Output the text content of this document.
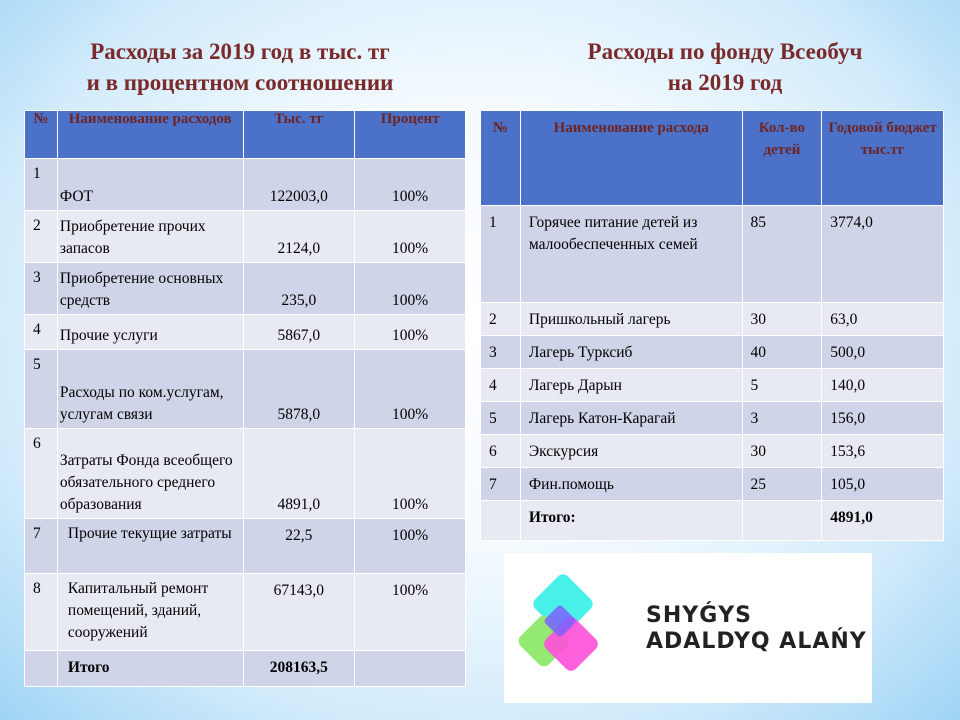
Расходы за 2019 год в тыс. тг
и в процентном соотношении
Расходы по фонду Всеобуч
на 2019 год
№	Наименование расходов	Тыс. тг	Процент
1	ФОТ	122003,0	100%
2	Приобретение прочих запасов	2124,0	100%
3	Приобретение основных средств	235,0	100%
4	Прочие услуги	5867,0	100%
5	Расходы по ком.услугам, услугам связи	5878,0	100%
6	Затраты Фонда всеобщего обязательного среднего образования	4891,0	100%
7	Прочие текущие затраты	22,5	100%
8	Капитальный ремонт помещений, зданий, сооружений	67143,0	100%
	Итого	208163,5	
№	Наименование расхода	Кол-во детей	Годовой бюджет тыс.тг
1	Горячее питание детей из малообеспеченных семей	85	3774,0
2	Пришкольный лагерь	30	63,0
3	Лагерь Турксиб	40	500,0
4	Лагерь Дарын	5	140,0
5	Лагерь Катон-Карагай	3	156,0
6	Экскурсия	30	153,6
7	Фин.помощь	25	105,0
	Итого:		4891,0
SHYǴYS
ADALDYQ ALAŃY
